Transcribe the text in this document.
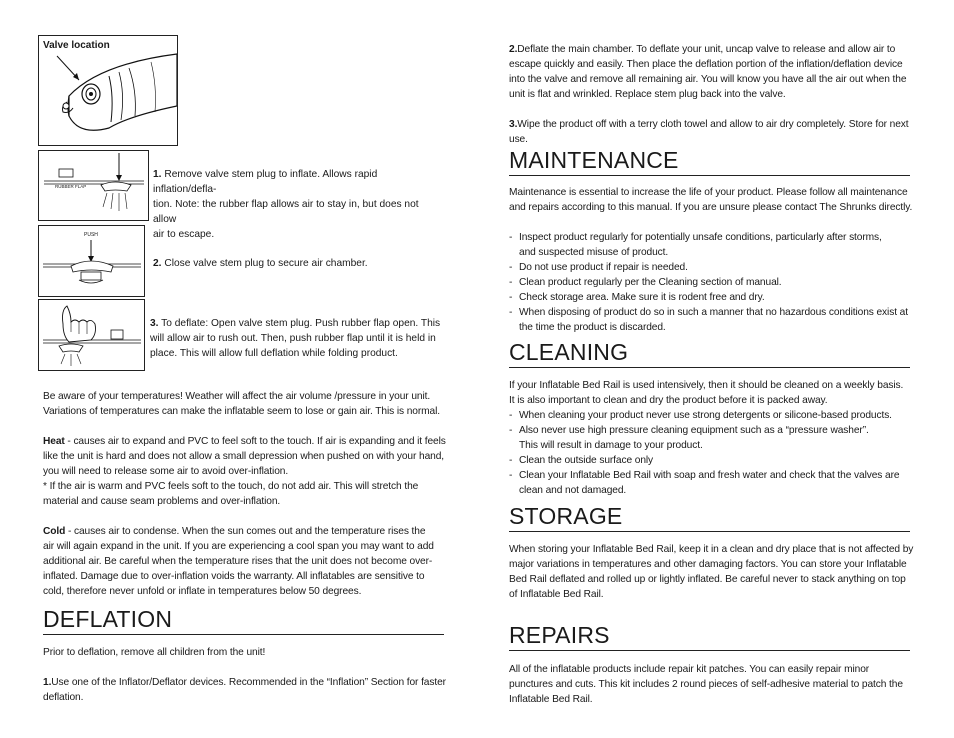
Valve location
RUBBER FLAP

1. Remove valve stem plug to inflate. Allows rapid inflation/defla-

tion. Note: the rubber flap allows air to stay in, but does not allow

air to escape.

PUSH

2. Close valve stem plug to secure air chamber.

3. To deflate: Open valve stem plug. Push rubber flap open. This

will allow air to rush out. Then, push rubber flap until it is held in

place. This will allow full deflation while folding product.

Be aware of your temperatures! Weather will affect the air volume /pressure in your unit.

Variations of temperatures can make the inflatable seem to lose or gain air. This is normal.

Heat - causes air to expand and PVC to feel soft to the touch. If air is expanding and it feels

like the unit is hard and does not allow a small depression when pushed on with your hand,

you will need to release some air to avoid over-inflation.

* If the air is warm and PVC feels soft to the touch, do not add air. This will stretch the

material and cause seam problems and over-inflation.

Cold - causes air to condense. When the sun comes out and the temperature rises the

air will again expand in the unit. If you are experiencing a cool span you may want to add

additional air. Be careful when the temperature rises that the unit does not become over-

inflated. Damage due to over-inflation voids the warranty. All inflatables are sensitive to

cold, therefore never unfold or inflate in temperatures below 50 degrees.

DEFLATION

Prior to deflation, remove all children from the unit!

1.Use one of the Inflator/Deflator devices. Recommended in the “Inflation” Section for faster

deflation.

2.Deflate the main chamber. To deflate your unit, uncap valve to release and allow air to

escape quickly and easily. Then place the deflation portion of the inflation/deflation device

into the valve and remove all remaining air. You will know you have all the air out when the

unit is flat and wrinkled. Replace stem plug back into the valve.

3.Wipe the product off with a terry cloth towel and allow to air dry completely. Store for next use.

MAINTENANCE

Maintenance is essential to increase the life of your product. Please follow all maintenance

and repairs according to this manual. If you are unsure please contact The Shrunks directly.

- Inspect product regularly for potentially unsafe conditions, particularly after storms,

and suspected misuse of product.

- Do not use product if repair is needed.

- Clean product regularly per the Cleaning section of manual.

- Check storage area. Make sure it is rodent free and dry.

- When disposing of product do so in such a manner that no hazardous conditions exist at

the time the product is discarded.

CLEANING

If your Inflatable Bed Rail is used intensively, then it should be cleaned on a weekly basis.

It is also important to clean and dry the product before it is packed away.

- When cleaning your product never use strong detergents or silicone-based products.

- Also never use high pressure cleaning equipment such as a “pressure washer”.

This will result in damage to your product.

- Clean the outside surface only

- Clean your Inflatable Bed Rail with soap and fresh water and check that the valves are

clean and not damaged.

STORAGE

When storing your Inflatable Bed Rail, keep it in a clean and dry place that is not affected by

major variations in temperatures and other damaging factors. You can store your Inflatable

Bed Rail deflated and rolled up or lightly inflated. Be careful never to stack anything on top

of Inflatable Bed Rail.

REPAIRS

All of the inflatable products include repair kit patches. You can easily repair minor

punctures and cuts. This kit includes 2 round pieces of self-adhesive material to patch the

Inflatable Bed Rail.
